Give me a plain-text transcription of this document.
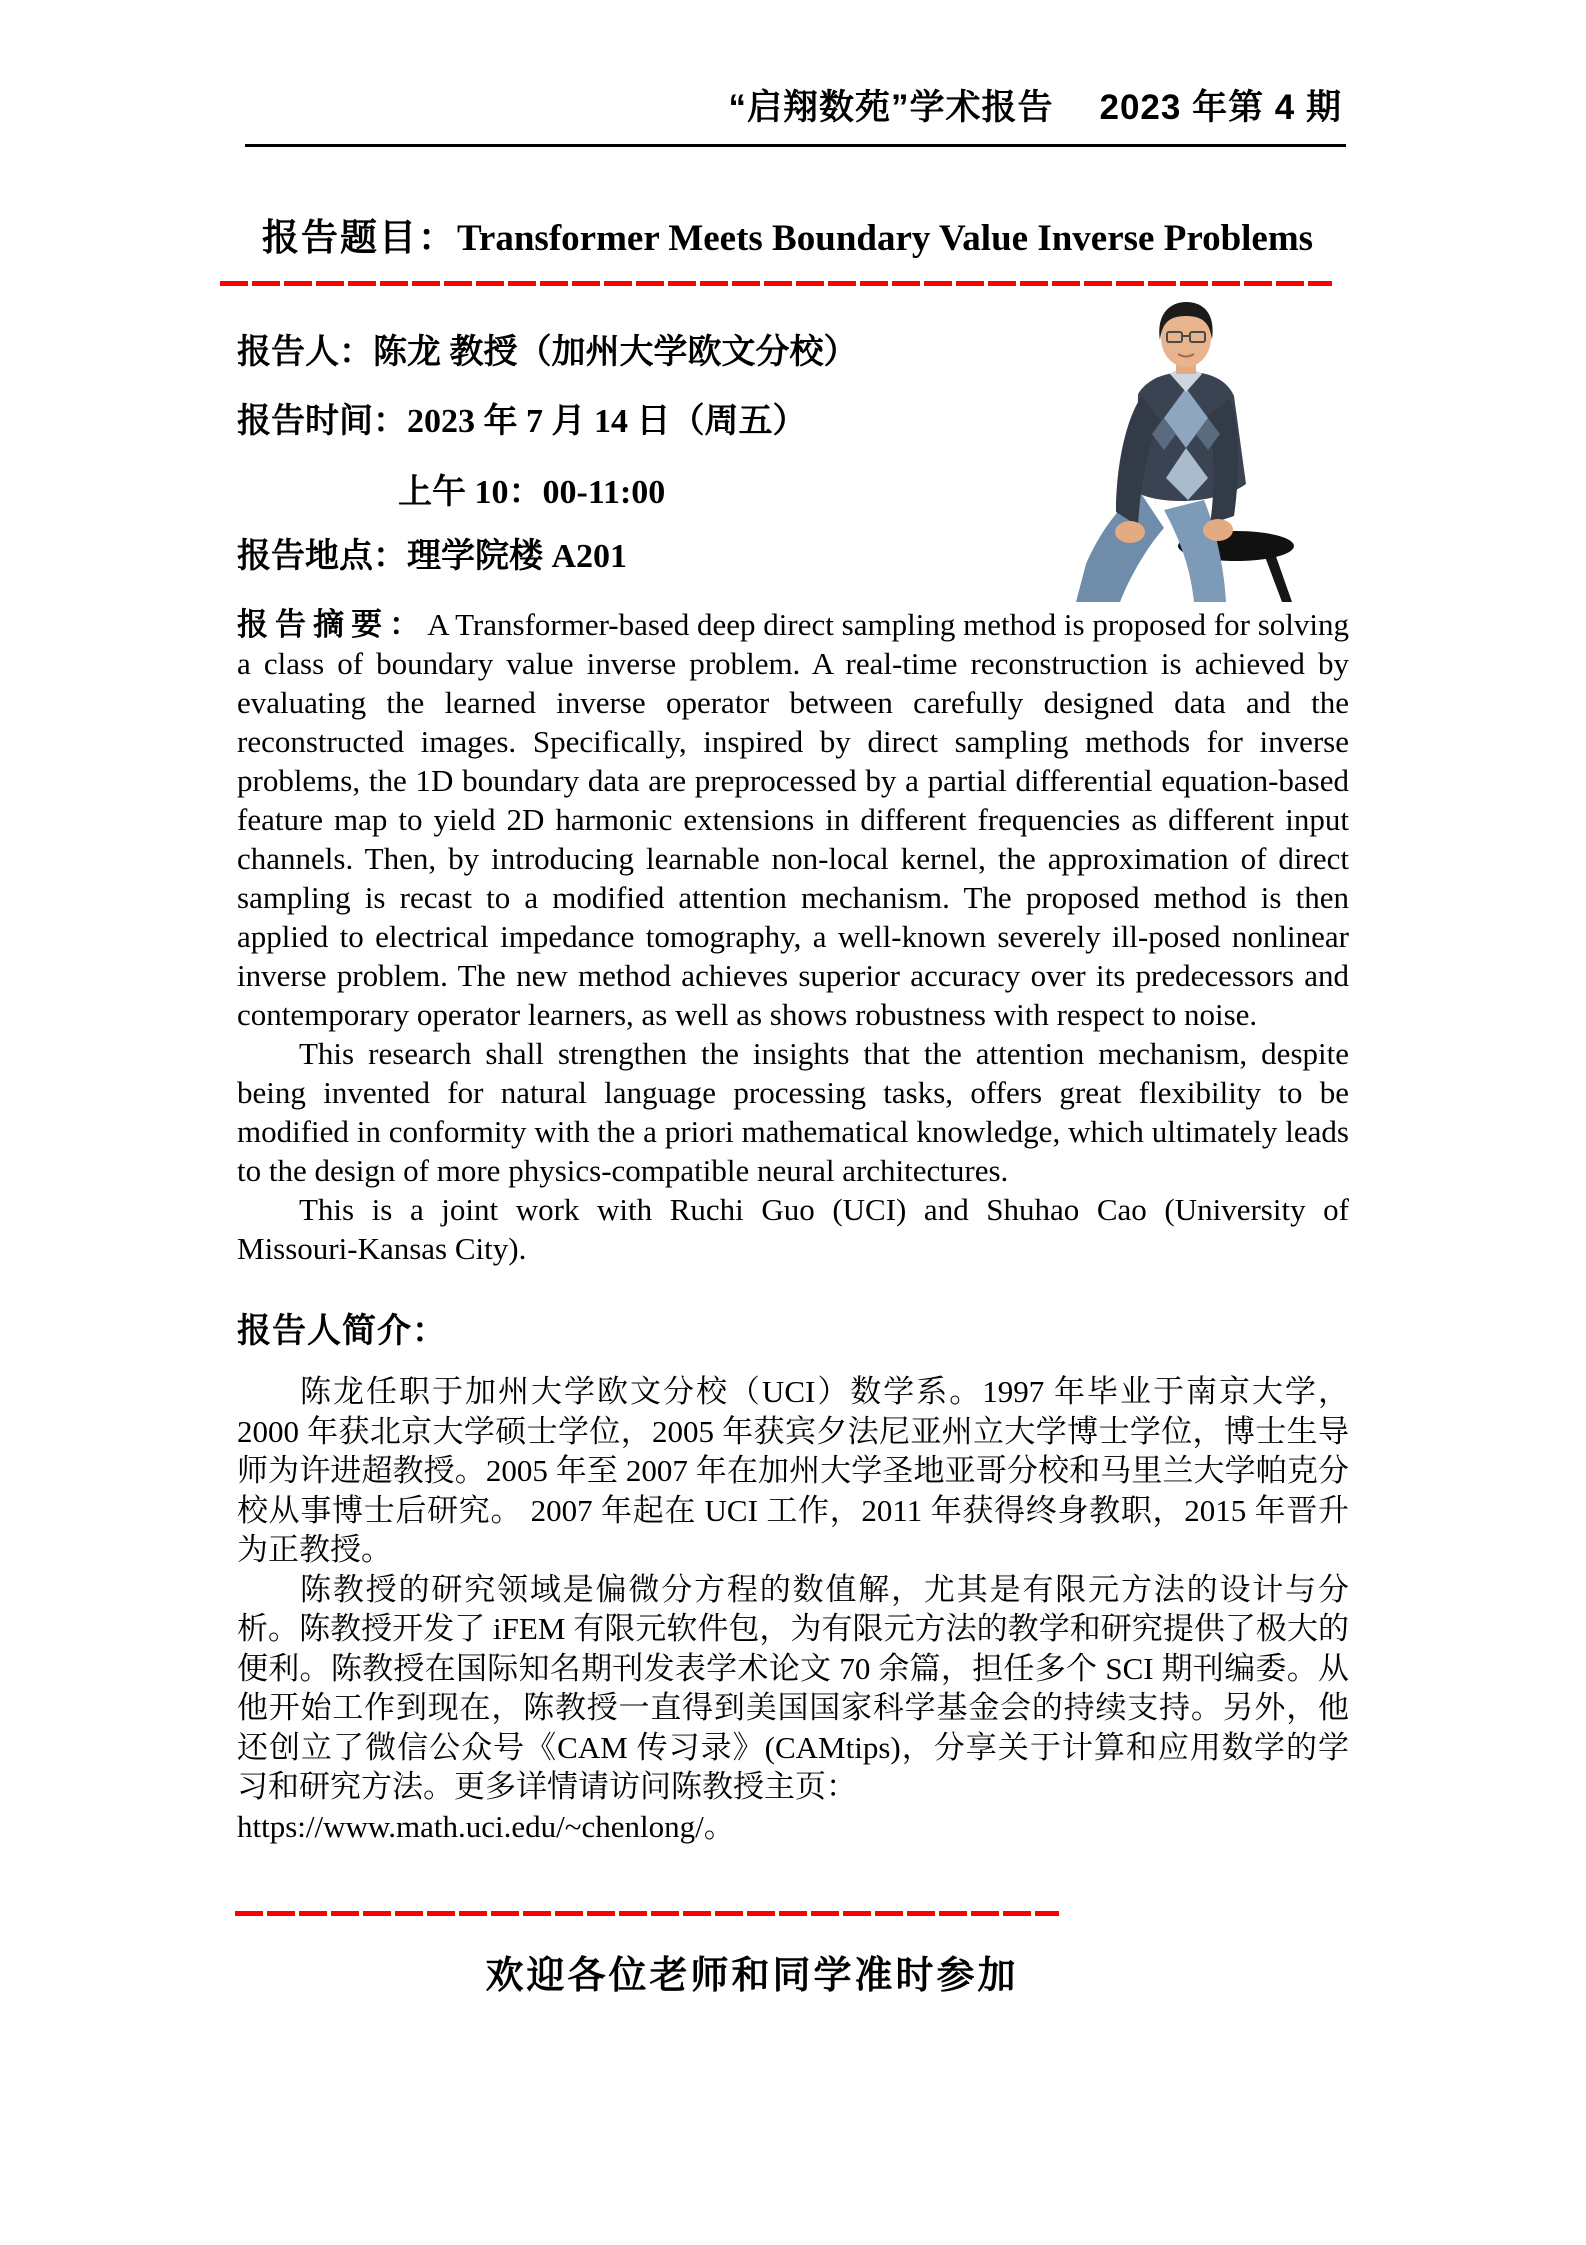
“启翔数苑”学术报告 2023 年第 4 期
报告题目：Transformer Meets Boundary Value Inverse Problems
报告人：陈龙 教授（加州大学欧文分校）
报告时间：2023 年 7 月 14 日（周五）
上午 10：00-11:00
报告地点：理学院楼 A201

报告摘要：A Transformer-based deep direct sampling method is proposed for solving a class of boundary value inverse problem. A real-time reconstruction is achieved by evaluating the learned inverse operator between carefully designed data and the reconstructed images. Specifically, inspired by direct sampling methods for inverse problems, the 1D boundary data are preprocessed by a partial differential equation-based feature map to yield 2D harmonic extensions in different frequencies as different input channels. Then, by introducing learnable non-local kernel, the approximation of direct sampling is recast to a modified attention mechanism. The proposed method is then applied to electrical impedance tomography, a well-known severely ill-posed nonlinear inverse problem. The new method achieves superior accuracy over its predecessors and contemporary operator learners, as well as shows robustness with respect to noise.

This research shall strengthen the insights that the attention mechanism, despite being invented for natural language processing tasks, offers great flexibility to be modified in conformity with the a priori mathematical knowledge, which ultimately leads to the design of more physics-compatible neural architectures.

This is a joint work with Ruchi Guo (UCI) and Shuhao Cao (University of Missouri-Kansas City).

报告人简介：

陈龙任职于加州大学欧文分校（UCI）数学系。1997 年毕业于南京大学，2000 年获北京大学硕士学位，2005 年获宾夕法尼亚州立大学博士学位，博士生导师为许进超教授。2005 年至 2007 年在加州大学圣地亚哥分校和马里兰大学帕克分校从事博士后研究。 2007 年起在 UCI 工作，2011 年获得终身教职，2015 年晋升为正教授。

陈教授的研究领域是偏微分方程的数值解，尤其是有限元方法的设计与分析。陈教授开发了 iFEM 有限元软件包，为有限元方法的教学和研究提供了极大的便利。陈教授在国际知名期刊发表学术论文 70 余篇，担任多个 SCI 期刊编委。从他开始工作到现在，陈教授一直得到美国国家科学基金会的持续支持。另外，他还创立了微信公众号《CAM 传习录》(CAMtips)，分享关于计算和应用数学的学习和研究方法。更多详情请访问陈教授主页：

https://www.math.uci.edu/~chenlong/。

欢迎各位老师和同学准时参加
